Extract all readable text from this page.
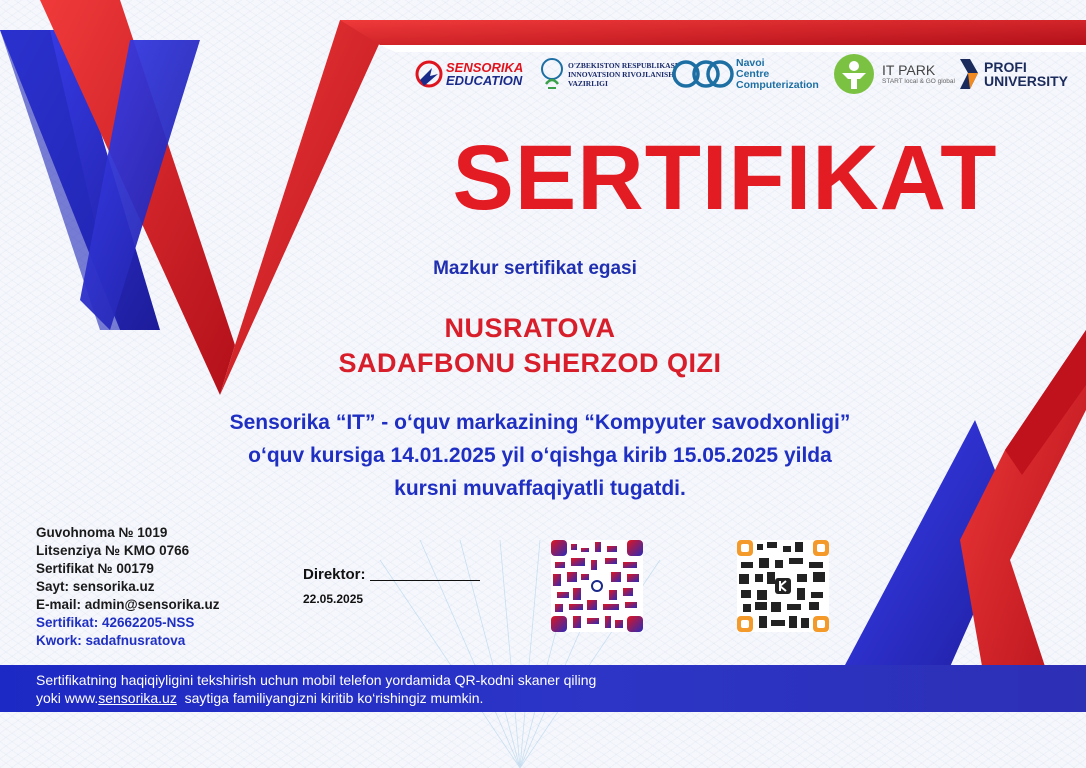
SENSORIKA
EDUCATION
O'ZBEKISTON RESPUBLIKASI
INNOVATSION RIVOJLANISH
VAZIRLIGI
Navoi
Centre
Computerization
IT PARK
START local & GO global
PROFI
UNIVERSITY
SERTIFIKAT
Mazkur sertifikat egasi
NUSRATOVA
SADAFBONU SHERZOD QIZI
Sensorika “IT” - o‘quv markazining “Kompyuter savodxonligi”
o‘quv kursiga 14.01.2025 yil o‘qishga kirib 15.05.2025 yilda
kursni muvaffaqiyatli tugatdi.
Guvohnoma № 1019
Litsenziya № KMO 0766
Sertifikat № 00179
Sayt: sensorika.uz
E-mail: admin@sensorika.uz
Sertifikat: 42662205-NSS
Kwork: sadafnusratova
Direktor:
22.05.2025
Sertifikatning haqiqiyligini tekshirish uchun mobil telefon yordamida QR-kodni skaner qiling
yoki www.sensorika.uz  saytiga familiyangizni kiritib ko‘rishingiz mumkin.
